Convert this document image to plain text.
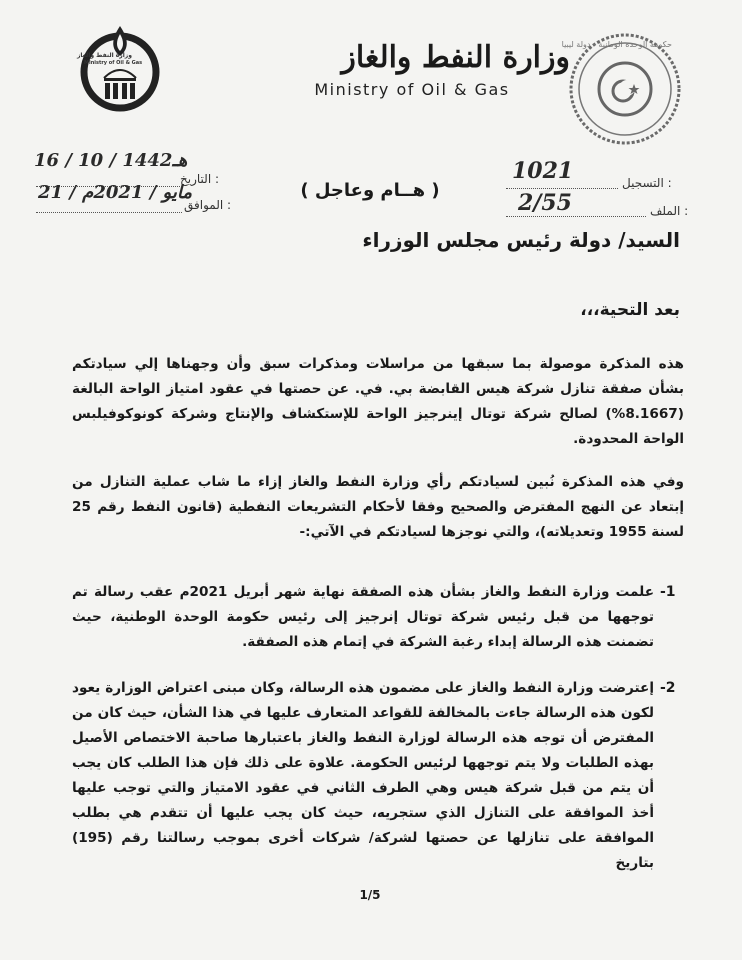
وزارة النفط والغاز
Ministry of Oil & Gas	وزارة النفط والغاز
Ministry of Oil & Gas
حكومة الوحدة الوطنية - دولة ليبيا
التسجيل :
1021
الملف :
2/55
التاريخ :
16 / 10 / 1442هـ
الموافق :
21 / مايو / 2021م	( هــام وعاجل )
السيد/ دولة رئيس مجلس الوزراء
بعد التحية،،،
هذه المذكرة موصولة بما سبقها من مراسلات ومذكرات سبق وأن وجهناها إلي سيادتكم بشأن صفقة تنازل شركة هيس القابضة بي. في. عن حصتها في عقود امتياز الواحة البالغة (8.1667%) لصالح شركة توتال إينرجيز الواحة للإستكشاف والإنتاج وشركة كونوكوفيلبس الواحة المحدودة.
وفي هذه المذكرة نُبين لسيادتكم رأي وزارة النفط والغاز إزاء ما شاب عملية التنازل من إبتعاد عن النهج المفترض والصحيح وفقا لأحكام التشريعات النفطية (قانون النفط رقم 25 لسنة 1955 وتعديلاته)، والتي نوجزها لسيادتكم في الآتي:-
-1
علمت وزارة النفط والغاز بشأن هذه الصفقة نهاية شهر أبريل 2021م عقب رسالة تم توجهها من قبل رئيس شركة توتال إنرجيز إلى رئيس حكومة الوحدة الوطنية، حيث تضمنت هذه الرسالة إبداء رغبة الشركة في إتمام هذه الصفقة.
-2
إعترضت وزارة النفط والغاز على مضمون هذه الرسالة، وكان مبنى اعتراض الوزارة يعود لكون هذه الرسالة جاءت بالمخالفة للقواعد المتعارف عليها في هذا الشأن، حيث كان من المفترض أن توجه هذه الرسالة لوزارة النفط والغاز باعتبارها صاحبة الاختصاص الأصيل بهذه الطلبات ولا يتم توجهها لرئيس الحكومة. علاوة على ذلك فإن هذا الطلب كان يجب أن يتم من قبل شركة هيس وهي الطرف الثاني في عقود الامتياز والتي توجب عليها أخذ الموافقة على التنازل الذي ستجريه، حيث كان يجب عليها أن تتقدم هي بطلب الموافقة على تنازلها عن حصتها لشركة/ شركات أخرى بموجب رسالتنا رقم (195) بتاريخ
1/5
